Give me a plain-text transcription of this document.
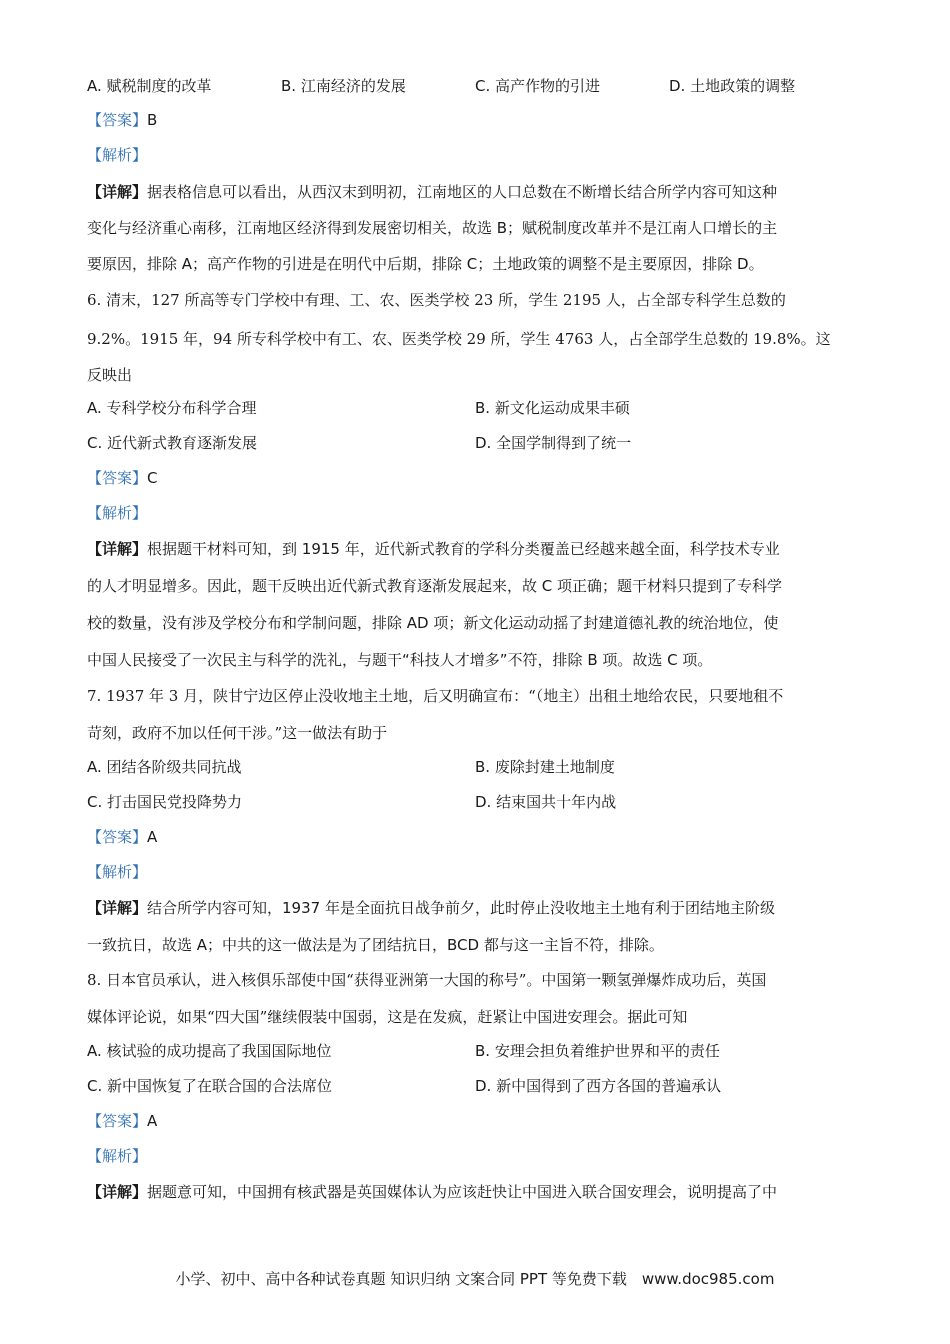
A. 赋税制度的改革	B. 江南经济的发展	C. 高产作物的引进	D. 土地政策的调整
【答案】B
【解析】
【详解】据表格信息可以看出，从西汉末到明初，江南地区的人口总数在不断增长结合所学内容可知这种
变化与经济重心南移，江南地区经济得到发展密切相关，故选 B；赋税制度改革并不是江南人口增长的主
要原因，排除 A；高产作物的引进是在明代中后期，排除 C；土地政策的调整不是主要原因，排除 D。
6. 清末，127 所高等专门学校中有理、工、农、医类学校 23 所，学生 2195 人，占全部专科学生总数的
9.2%。1915 年，94 所专科学校中有工、农、医类学校 29 所，学生 4763 人，占全部学生总数的 19.8%。这
反映出
A. 专科学校分布科学合理	B. 新文化运动成果丰硕
C. 近代新式教育逐渐发展	D. 全国学制得到了统一
【答案】C
【解析】
【详解】根据题干材料可知，到 1915 年，近代新式教育的学科分类覆盖已经越来越全面，科学技术专业
的人才明显增多。因此，题干反映出近代新式教育逐渐发展起来，故 C 项正确；题干材料只提到了专科学
校的数量，没有涉及学校分布和学制问题，排除 AD 项；新文化运动动摇了封建道德礼教的统治地位，使
中国人民接受了一次民主与科学的洗礼，与题干“科技人才增多”不符，排除 B 项。故选 C 项。
7. 1937 年 3 月，陕甘宁边区停止没收地主土地，后又明确宣布：“（地主）出租土地给农民，只要地租不
苛刻，政府不加以任何干涉。”这一做法有助于
A. 团结各阶级共同抗战	B. 废除封建土地制度
C. 打击国民党投降势力	D. 结束国共十年内战
【答案】A
【解析】
【详解】结合所学内容可知，1937 年是全面抗日战争前夕，此时停止没收地主土地有利于团结地主阶级
一致抗日，故选 A；中共的这一做法是为了团结抗日，BCD 都与这一主旨不符，排除。
8. 日本官员承认，进入核俱乐部使中国“获得亚洲第一大国的称号”。中国第一颗氢弹爆炸成功后，英国
媒体评论说，如果“四大国”继续假装中国弱，这是在发疯，赶紧让中国进安理会。据此可知
A. 核试验的成功提高了我国国际地位	B. 安理会担负着维护世界和平的责任
C. 新中国恢复了在联合国的合法席位	D. 新中国得到了西方各国的普遍承认
【答案】A
【解析】
【详解】据题意可知，中国拥有核武器是英国媒体认为应该赶快让中国进入联合国安理会，说明提高了中
小学、初中、高中各种试卷真题 知识归纳 文案合同 PPT 等免费下载　www.doc985.com
